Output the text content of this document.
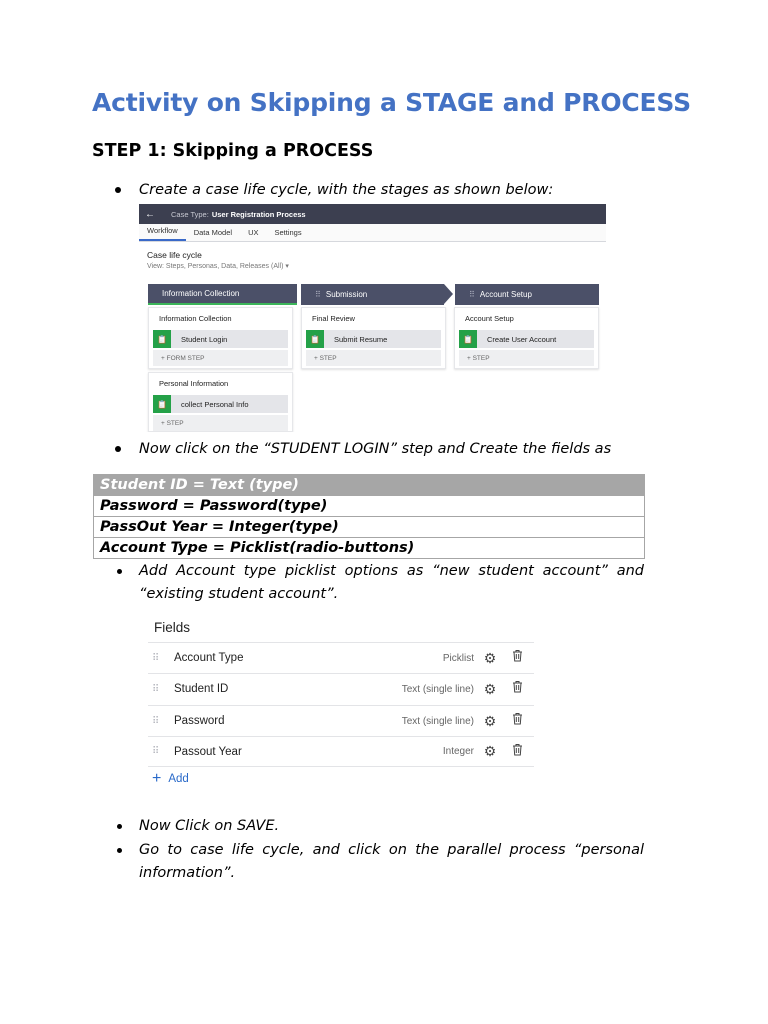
Activity on Skipping a STAGE and PROCESS
STEP 1: Skipping a PROCESS
Create a case life cycle, with the stages as shown below:
←	Case Type: User Registration Process
Workflow	Data Model	UX	Settings
Case life cycle
View: Steps, Personas, Data, Releases (All) ▾
Information Collection	⠿ Submission	⠿ Account Setup
Information Collection
📋	Student Login
+ FORM STEP
Final Review
📋	Submit Resume
+ STEP
Account Setup
📋	Create User Account
+ STEP
Personal Information
📋	collect Personal Info
+ STEP
Now click on the “STUDENT LOGIN” step and Create the fields as
Student ID = Text (type)
Password = Password(type)
PassOut Year = Integer(type)
Account Type = Picklist(radio-buttons)
Add Account type picklist options as “new student account” and “existing student account”.
Fields
⠿ Account Type	Picklist ⚙
⠿ Student ID	Text (single line) ⚙
⠿ Password	Text (single line) ⚙
⠿ Passout Year	Integer ⚙
+ Add
Now Click on SAVE.
Go to case life cycle, and click on the parallel process “personal information”.
